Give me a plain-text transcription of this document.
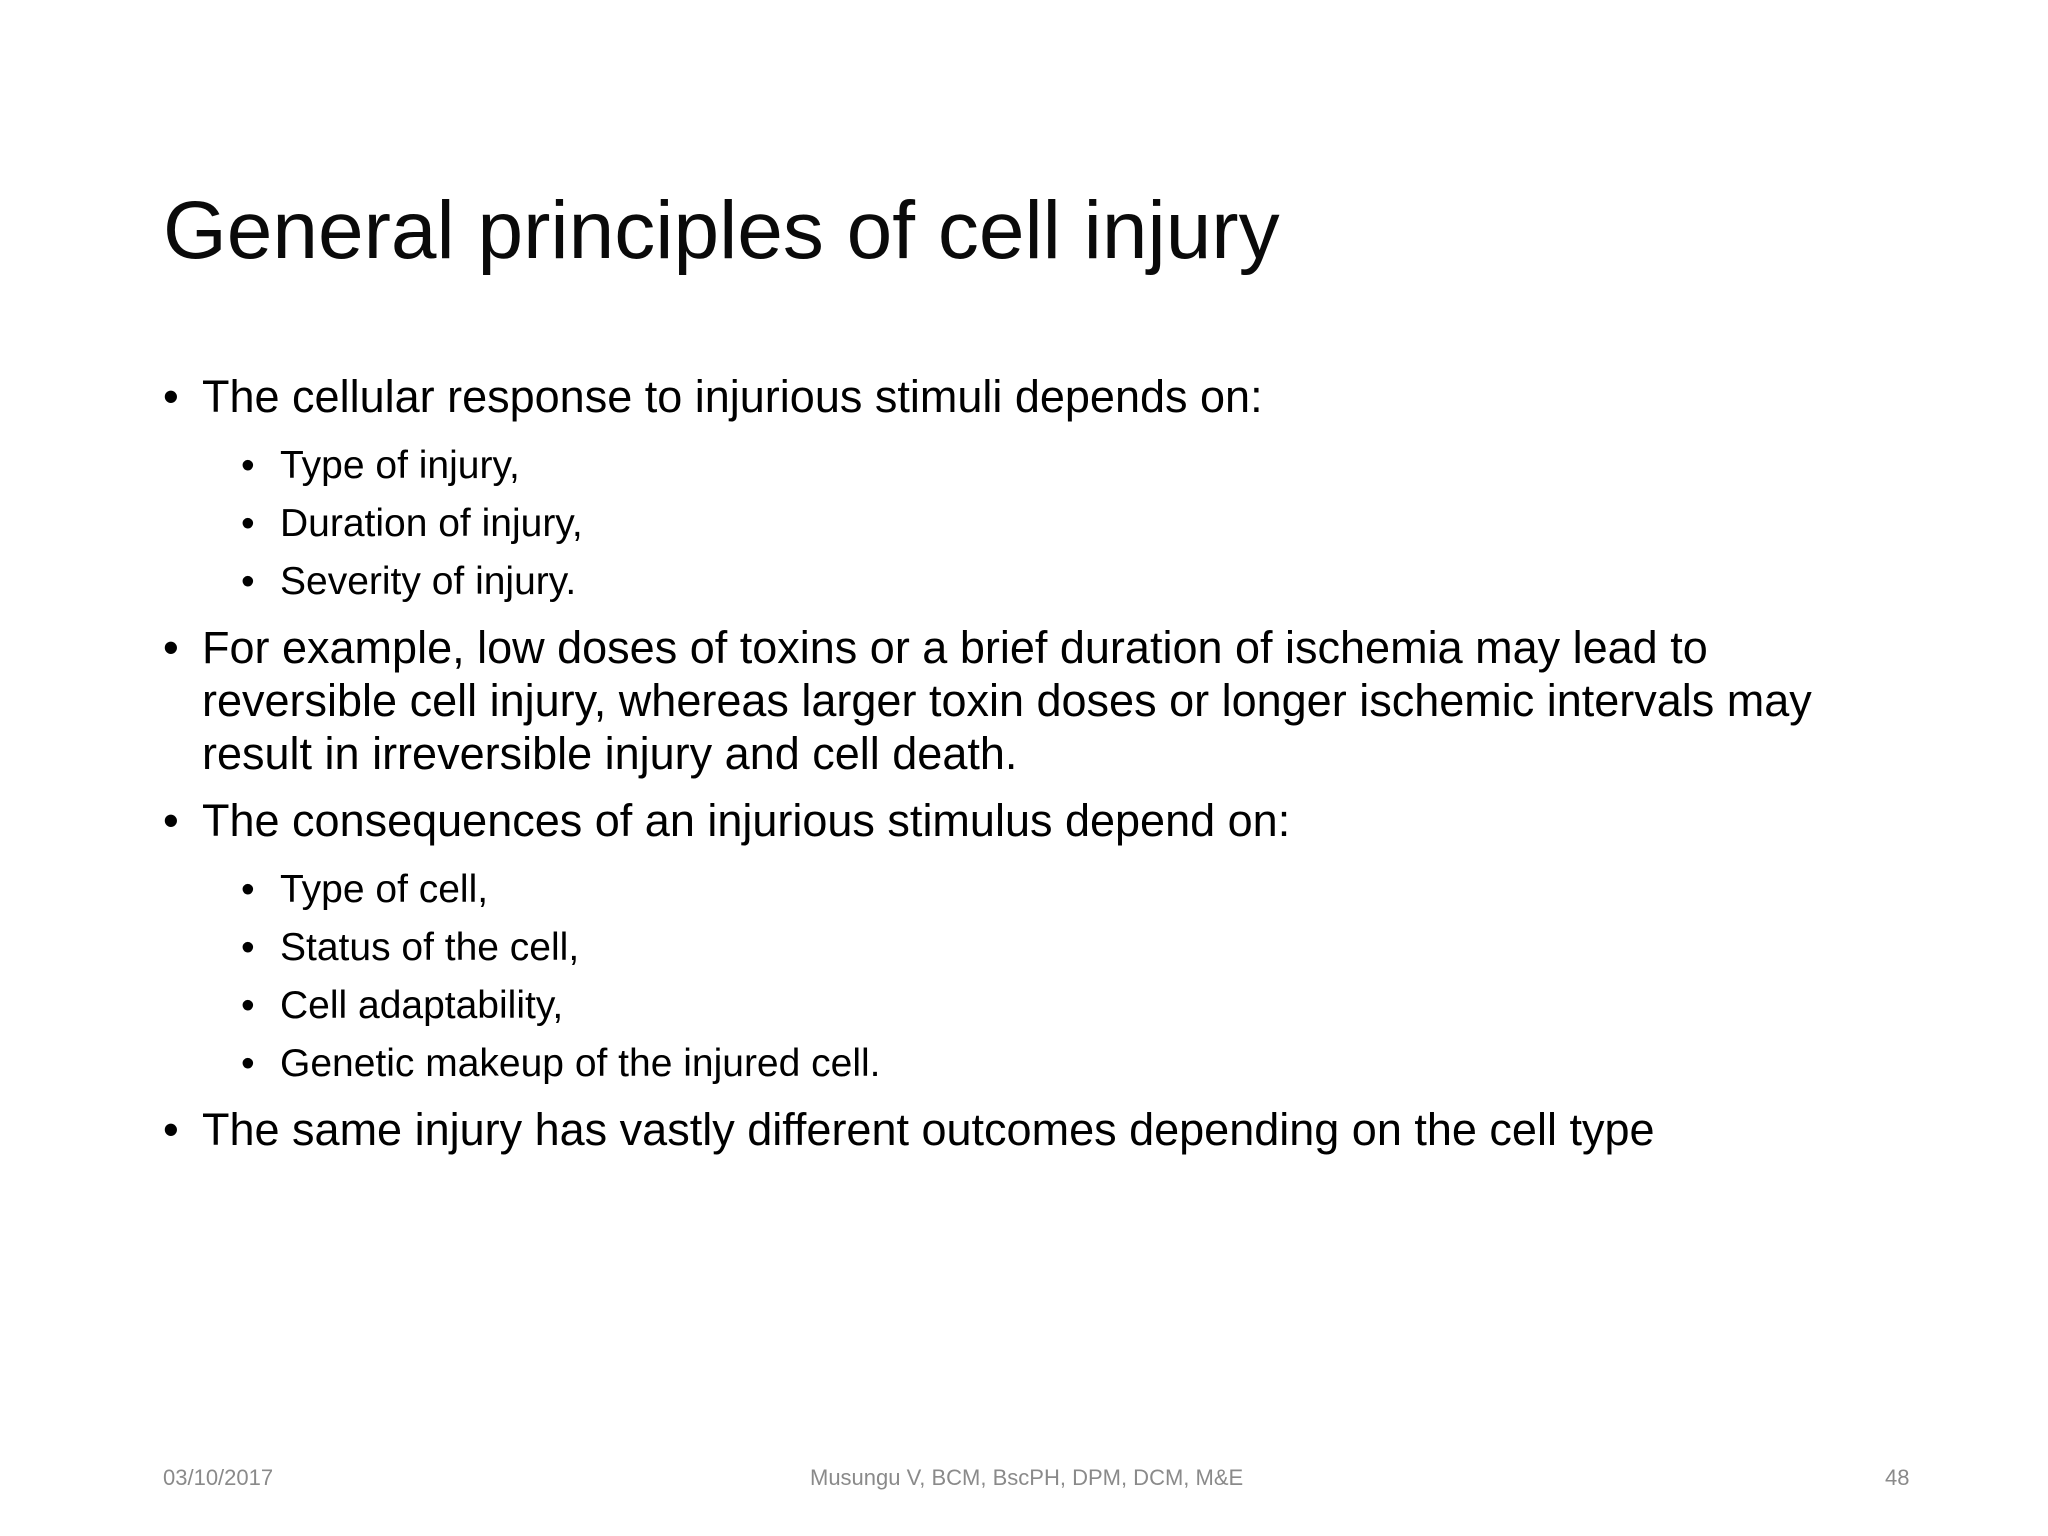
General principles of cell injury
• The cellular response to injurious stimuli depends on:
• Type of injury,
• Duration of injury,
• Severity of injury.
• For example, low doses of toxins or a brief duration of ischemia may lead to reversible cell injury, whereas larger toxin doses or longer ischemic intervals may result in irreversible injury and cell death.
• The consequences of an injurious stimulus depend on:
• Type of cell,
• Status of the cell,
• Cell adaptability,
• Genetic makeup of the injured cell.
• The same injury has vastly different outcomes depending on the cell type
03/10/2017	Musungu V, BCM, BscPH, DPM, DCM, M&E	48
